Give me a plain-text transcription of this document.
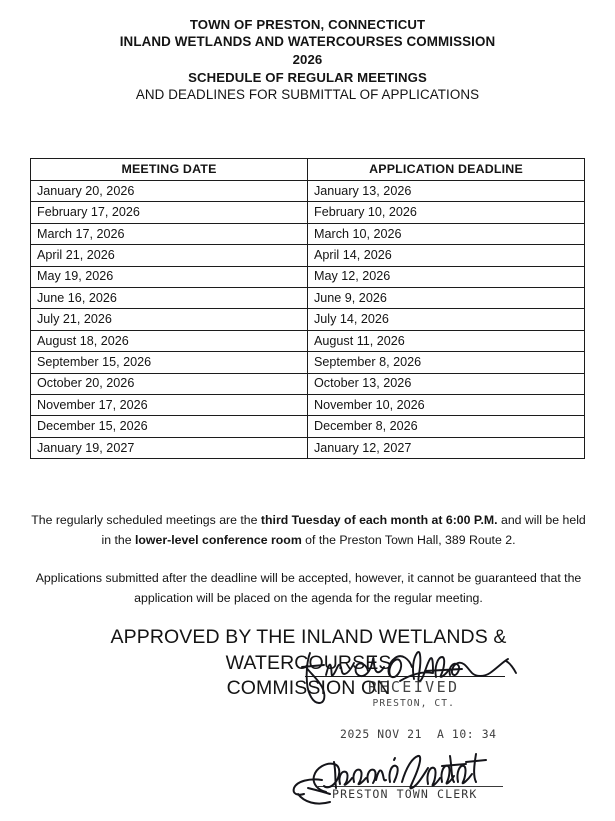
TOWN OF PRESTON, CONNECTICUT
INLAND WETLANDS AND WATERCOURSES COMMISSION
2026
SCHEDULE OF REGULAR MEETINGS
AND DEADLINES FOR SUBMITTAL OF APPLICATIONS
MEETING DATE	APPLICATION DEADLINE
January 20, 2026	January 13, 2026
February 17, 2026	February 10, 2026
March 17, 2026	March 10, 2026
April 21, 2026	April 14, 2026
May 19, 2026	May 12, 2026
June 16, 2026	June 9, 2026
July 21, 2026	July 14, 2026
August 18, 2026	August 11, 2026
September 15, 2026	September 8, 2026
October 20, 2026	October 13, 2026
November 17, 2026	November 10, 2026
December 15, 2026	December 8, 2026
January 19, 2027	January 12, 2027
The regularly scheduled meetings are the third Tuesday of each month at 6:00 P.M. and will be held in the lower-level conference room of the Preston Town Hall, 389 Route 2.
Applications submitted after the deadline will be accepted, however, it cannot be guaranteed that the application will be placed on the agenda for the regular meeting.
APPROVED BY THE INLAND WETLANDS & WATERCOURSES
COMMISSION ON
RECEIVED
PRESTON, CT.
2025 NOV 21  A 10: 34
PRESTON TOWN CLERK
